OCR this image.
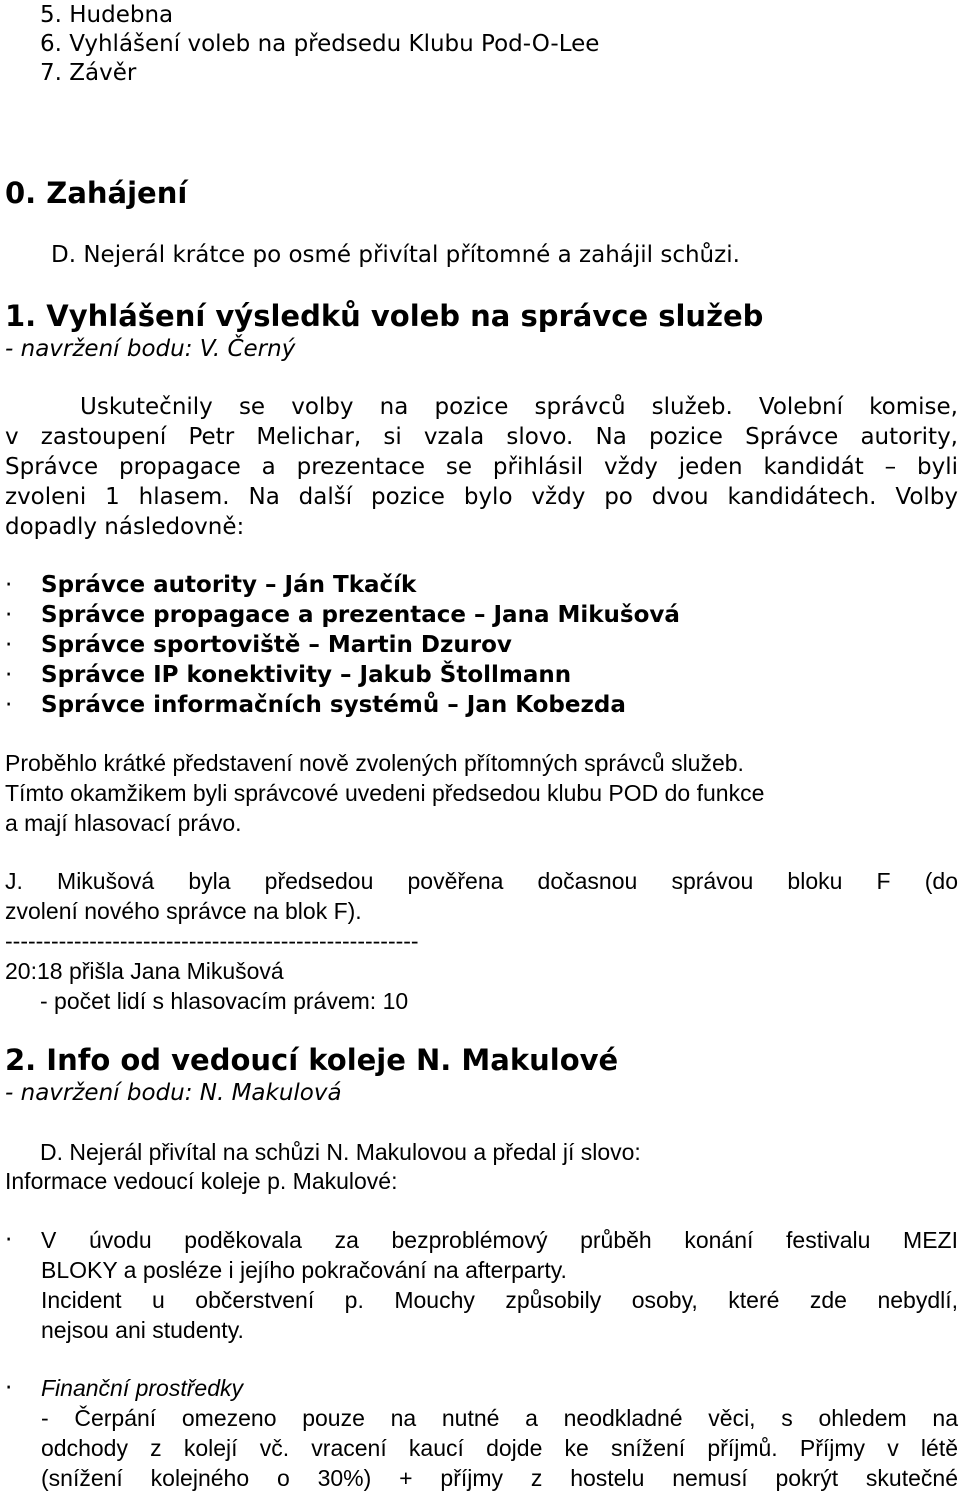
5. Hudebna
6. Vyhlášení voleb na předsedu Klubu Pod-O-Lee
7. Závěr
0. Zahájení
D. Nejerál krátce po osmé přivítal přítomné a zahájil schůzi.
1. Vyhlášení výsledků voleb na správce služeb
- navržení bodu: V. Černý
Uskutečnily se volby na pozice správců služeb. Volební komise,
v zastoupení Petr Melichar, si vzala slovo. Na pozice Správce autority,
Správce propagace a prezentace se přihlásil vždy jeden kandidát – byli
zvoleni 1 hlasem. Na další pozice bylo vždy po dvou kandidátech. Volby
dopadly následovně:
· Správce autority – Ján Tkačík
· Správce propagace a prezentace – Jana Mikušová
· Správce sportoviště – Martin Dzurov
· Správce IP konektivity – Jakub Štollmann
· Správce informačních systémů – Jan Kobezda
Proběhlo krátké představení nově zvolených přítomných správců služeb.
Tímto okamžikem byli správcové uvedeni předsedou klubu POD do funkce
a mají hlasovací právo.
J. Mikušová byla předsedou pověřena dočasnou správou bloku F (do
zvolení nového správce na blok F).
------------------------------------------------------
20:18 přišla Jana Mikušová
- počet lidí s hlasovacím právem: 10
2. Info od vedoucí koleje N. Makulové
- navržení bodu: N. Makulová
D. Nejerál přivítal na schůzi N. Makulovou a předal jí slovo:
Informace vedoucí koleje p. Makulové:
· V úvodu poděkovala za bezproblémový průběh konání festivalu MEZI
BLOKY a posléze i jejího pokračování na afterparty.
Incident u občerstvení p. Mouchy způsobily osoby, které zde nebydlí,
nejsou ani studenty.
· Finanční prostředky
- Čerpání omezeno pouze na nutné a neodkladné věci, s ohledem na
odchody z kolejí vč. vracení kaucí dojde ke snížení příjmů. Příjmy v létě
(snížení kolejného o 30%) + příjmy z hostelu nemusí pokrýt skutečné
